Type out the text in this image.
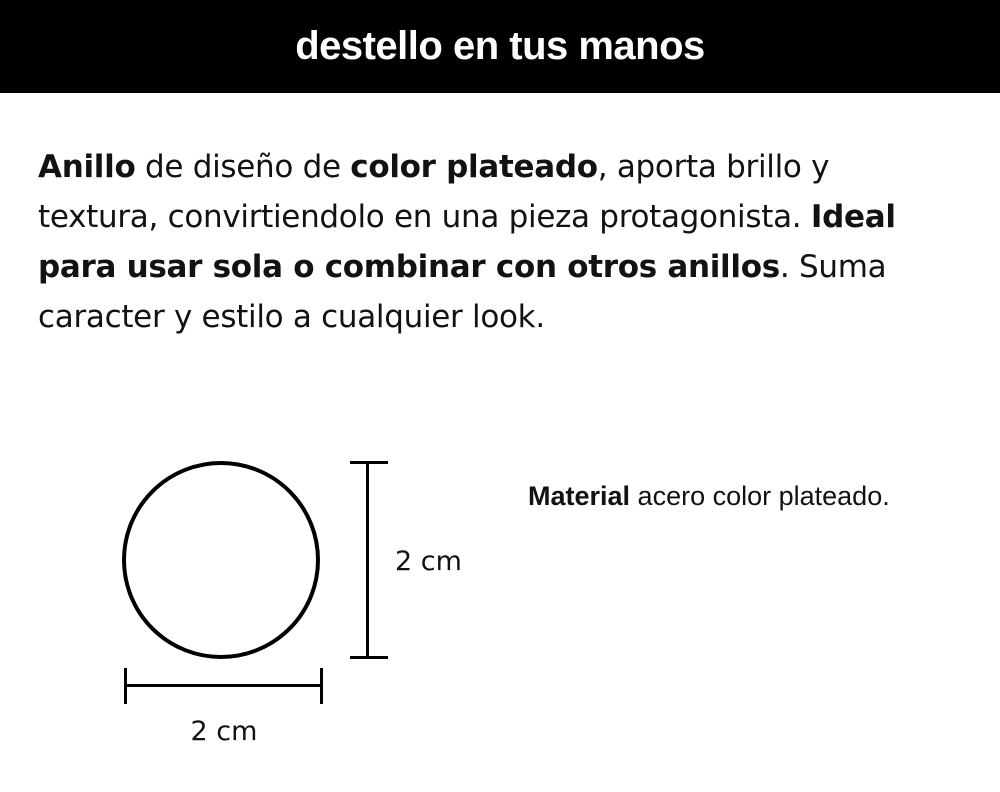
destello en tus manos
Anillo de diseño de color plateado, aporta brillo y
textura, convirtiendolo en una pieza protagonista. Ideal
para usar sola o combinar con otros anillos. Suma
caracter y estilo a cualquier look.
2 cm
2 cm
Material acero color plateado.
